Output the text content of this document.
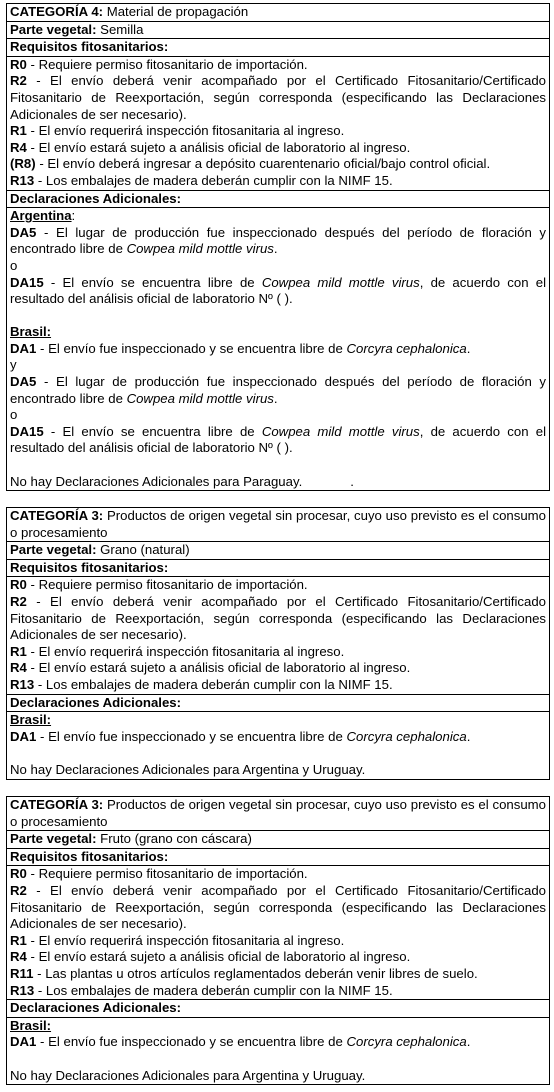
CATEGORÍA 4: Material de propagación
Parte vegetal: Semilla
Requisitos fitosanitarios:
R0 - Requiere permiso fitosanitario de importación.
R2 - El envío deberá venir acompañado por el Certificado Fitosanitario/Certificado Fitosanitario de Reexportación, según corresponda (especificando las Declaraciones Adicionales de ser necesario).
R1 - El envío requerirá inspección fitosanitaria al ingreso.
R4 - El envío estará sujeto a análisis oficial de laboratorio al ingreso.
(R8) - El envío deberá ingresar a depósito cuarentenario oficial/bajo control oficial.
R13 - Los embalajes de madera deberán cumplir con la NIMF 15.
Declaraciones Adicionales:
Argentina:
DA5 - El lugar de producción fue inspeccionado después del período de floración y encontrado libre de Cowpea mild mottle virus.
o
DA15 - El envío se encuentra libre de Cowpea mild mottle virus, de acuerdo con el resultado del análisis oficial de laboratorio Nº ( ).
Brasil:
DA1 - El envío fue inspeccionado y se encuentra libre de Corcyra cephalonica.
y
DA5 - El lugar de producción fue inspeccionado después del período de floración y encontrado libre de Cowpea mild mottle virus.
o
DA15 - El envío se encuentra libre de Cowpea mild mottle virus, de acuerdo con el resultado del análisis oficial de laboratorio Nº ( ).
No hay Declaraciones Adicionales para Paraguay.	.
CATEGORÍA 3: Productos de origen vegetal sin procesar, cuyo uso previsto es el consumo o procesamiento
Parte vegetal: Grano (natural)
Requisitos fitosanitarios:
R0 - Requiere permiso fitosanitario de importación.
R2 - El envío deberá venir acompañado por el Certificado Fitosanitario/Certificado Fitosanitario de Reexportación, según corresponda (especificando las Declaraciones Adicionales de ser necesario).
R1 - El envío requerirá inspección fitosanitaria al ingreso.
R4 - El envío estará sujeto a análisis oficial de laboratorio al ingreso.
R13 - Los embalajes de madera deberán cumplir con la NIMF 15.
Declaraciones Adicionales:
Brasil:
DA1 - El envío fue inspeccionado y se encuentra libre de Corcyra cephalonica.
No hay Declaraciones Adicionales para Argentina y Uruguay.
CATEGORÍA 3: Productos de origen vegetal sin procesar, cuyo uso previsto es el consumo o procesamiento
Parte vegetal: Fruto (grano con cáscara)
Requisitos fitosanitarios:
R0 - Requiere permiso fitosanitario de importación.
R2 - El envío deberá venir acompañado por el Certificado Fitosanitario/Certificado Fitosanitario de Reexportación, según corresponda (especificando las Declaraciones Adicionales de ser necesario).
R1 - El envío requerirá inspección fitosanitaria al ingreso.
R4 - El envío estará sujeto a análisis oficial de laboratorio al ingreso.
R11 - Las plantas u otros artículos reglamentados deberán venir libres de suelo.
R13 - Los embalajes de madera deberán cumplir con la NIMF 15.
Declaraciones Adicionales:
Brasil:
DA1 - El envío fue inspeccionado y se encuentra libre de Corcyra cephalonica.
No hay Declaraciones Adicionales para Argentina y Uruguay.
